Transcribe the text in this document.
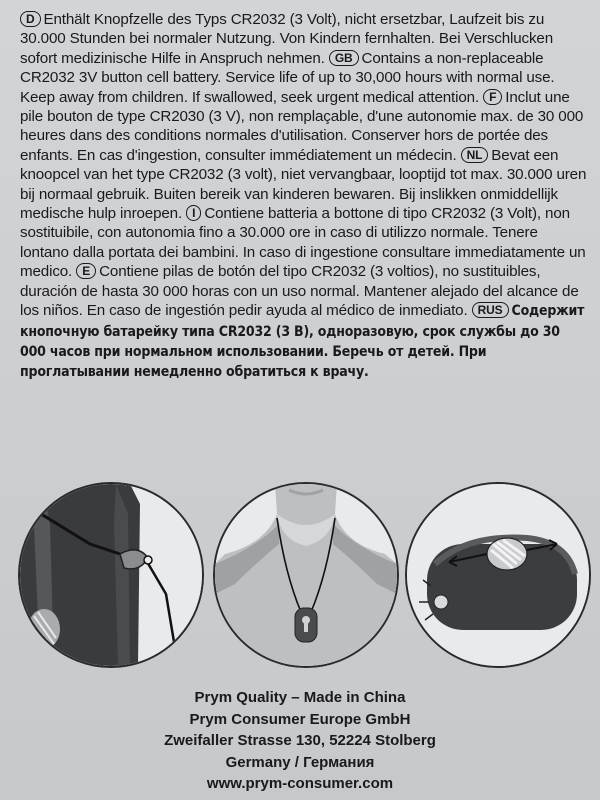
D Enthält Knopfzelle des Typs CR2032 (3 Volt), nicht ersetzbar, Laufzeit bis zu 30.000 Stunden bei normaler Nutzung. Von Kindern fernhalten. Bei Verschlucken sofort medizinische Hilfe in Anspruch nehmen. GB Contains a non-replaceable CR2032 3V button cell battery. Service life of up to 30,000 hours with normal use. Keep away from children. If swallowed, seek urgent medical attention. F Inclut une pile bouton de type CR2030 (3 V), non remplaçable, d'une autonomie max. de 30 000 heures dans des conditions normales d'utilisation. Conserver hors de portée des enfants. En cas d'ingestion, consulter immédiatement un médecin. NL Bevat een knoopcel van het type CR2032 (3 volt), niet vervangbaar, looptijd tot max. 30.000 uren bij normaal gebruik. Buiten bereik van kinderen bewaren. Bij inslikken onmiddellijk medische hulp inroepen. I Contiene batteria a bottone di tipo CR2032 (3 Volt), non sostituibile, con autonomia fino a 30.000 ore in caso di utilizzo normale. Tenere lontano dalla portata dei bambini. In caso di ingestione consultare immediatamente un medico. E Contiene pilas de botón del tipo CR2032 (3 voltios), no sustituibles, duración de hasta 30 000 horas con un uso normal. Mantener alejado del alcance de los niños. En caso de ingestión pedir ayuda al médico de inmediato. RUS Содержит кнопочную батарейку типа CR2032 (3 В), одноразовую, срок службы до 30 000 часов при нормальном использовании. Беречь от детей. При проглатывании немедленно обратиться к врачу.

Prym Quality – Made in China
Prym Consumer Europe GmbH
Zweifaller Strasse 130, 52224 Stolberg
Germany / Германия
www.prym-consumer.com
